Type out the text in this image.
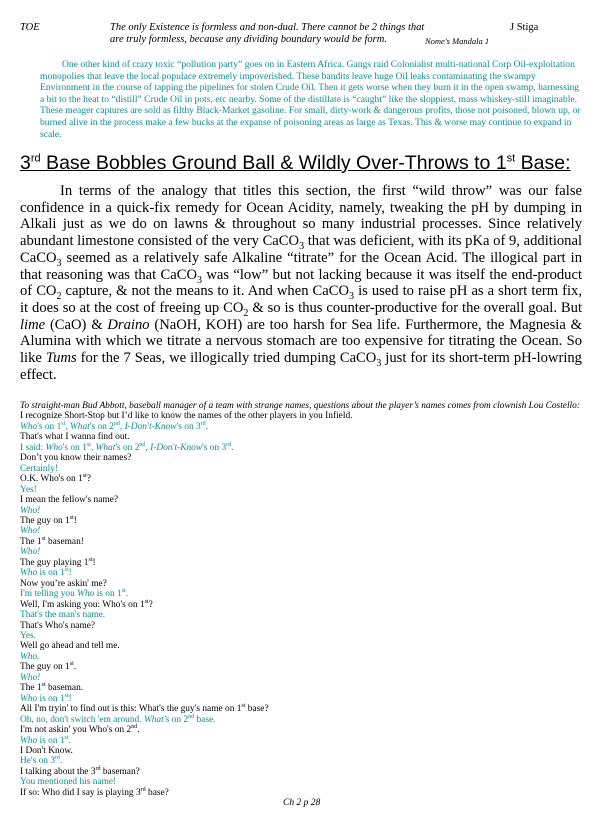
TOE	The only Existence is formless and non-dual. There cannot be 2 things that are truly formless, because any dividing boundary would be form.
J Stiga
Nome's Mandala 1
One other kind of crazy toxic “pollution party” goes on in Eastern Africa. Gangs raid Colonialist multi-national Corp Oil-exploitation monopolies that leave the local populace extremely impoverished. These bandits leave huge Oil leaks contaminating the swampy Environment in the course of tapping the pipelines for stolen Crude Oil. Then it gets worse when they burn it in the open swamp, harnessing a bit to the heat to “distill” Crude Oil in pots, etc nearby. Some of the distillate is “caught” like the sloppiest, mass whiskey-still imaginable. These meager captures are sold as filthy Black-Market gasoline. For small, dirty-work & dangerous profits, those not poisoned, blown up, or burned alive in the process make a few bucks at the expanse of poisoning areas as large as Texas. This & worse may continue to expand in scale.
3rd Base Bobbles Ground Ball & Wildly Over-Throws to 1st Base:
In terms of the analogy that titles this section, the first “wild throw” was our false confidence in a quick-fix remedy for Ocean Acidity, namely, tweaking the pH by dumping in Alkali just as we do on lawns & throughout so many industrial processes. Since relatively abundant limestone consisted of the very CaCO$_3$ that was deficient, with its pKa of 9, additional CaCO$_3$ seemed as a relatively safe Alkaline “titrate” for the Ocean Acid. The illogical part in that reasoning was that CaCO$_3$ was “low” but not lacking because it was itself the end-product of $CO_2$ capture, & not the means to it. And when CaCO$_3$ is used to raise pH as a short term fix, it does so at the cost of freeing up $CO_2$ & so is thus counter-productive for the overall goal. But lime (CaO) & Draino (NaOH, KOH) are too harsh for Sea life. Furthermore, the Magnesia & Alumina with which we titrate a nervous stomach are too expensive for titrating the Ocean. So like Tums for the 7 Seas, we illogically tried dumping CaCO$_3$ just for its short-term pH-lowring effect.
To straight-man Bud Abbott, baseball manager of a team with strange names, questions about the player’s names comes from clownish Lou Costello:
I recognize Short-Stop but I’d like to know the names of the other players in you Infield.
Who's on 1st, What's on 2nd, I-Don't-Know's on 3rd.
That's what I wanna find out.
I said: Who's on 1st, What's on 2nd, I-Don't-Know's on 3rd.
Don’t you know their names?
Certainly!
O.K. Who's on 1st?
Yes!
I mean the fellow's name?
Who!
The guy on 1st!
Who!
The 1st baseman!
Who!
The guy playing 1st!
Who is on 1st!
Now you’re askin' me?
I'm telling you Who is on 1st.
Well, I'm asking you: Who's on 1st?
That's the man's name.
That's Who's name?
Yes.
Well go ahead and tell me.
Who.
The guy on 1st.
Who!
The 1st baseman.
Who is on 1st!
All I'm tryin' to find out is this: What's the guy's name on 1st base?
Oh, no, don't switch 'em around. What's on 2nd base.
I'm not askin' you Who's on 2nd.
Who is on 1st.
I Don't Know.
He's on 3rd.
I talking about the 3rd baseman?
You mentioned his name!
If so: Who did I say is playing 3rd base?
Ch 2 p 28
